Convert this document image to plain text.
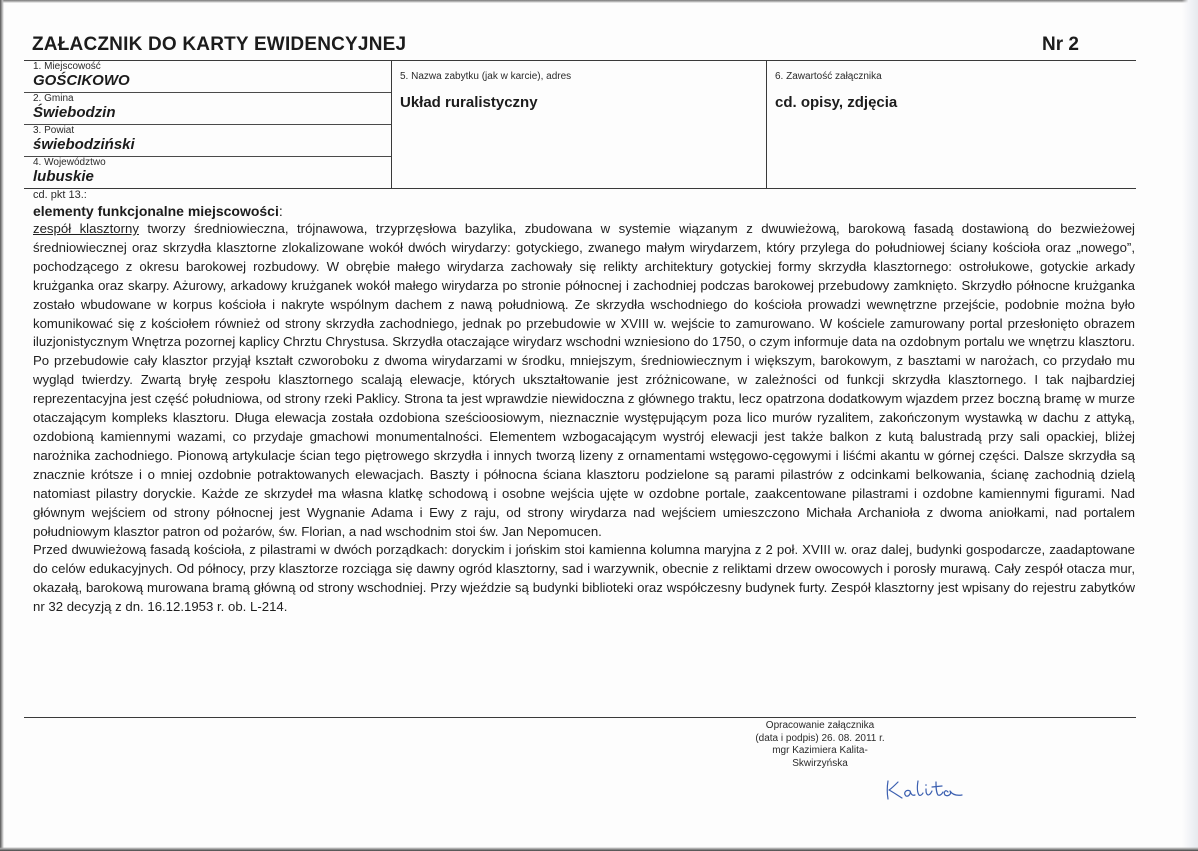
ZAŁACZNIK DO KARTY EWIDENCYJNEJ	Nr 2
1. Miejscowość
GOŚCIKOWO
2. Gmina
Świebodzin
3. Powiat
świebodziński
4. Województwo
lubuskie
5. Nazwa zabytku (jak w karcie), adres
Układ ruralistyczny
6. Zawartość załącznika
cd. opisy, zdjęcia
cd. pkt 13.:
elementy funkcjonalne miejscowości:

zespół klasztorny tworzy średniowieczna, trójnawowa, trzyprzęsłowa bazylika, zbudowana w systemie wiązanym z dwuwieżową, barokową fasadą dostawioną do bezwieżowej średniowiecznej oraz skrzydła klasztorne zlokalizowane wokół dwóch wirydarzy: gotyckiego, zwanego małym wirydarzem, który przylega do południowej ściany kościoła oraz „nowego”, pochodzącego z okresu barokowej rozbudowy. W obrębie małego wirydarza zachowały się relikty architektury gotyckiej formy skrzydła klasztornego: ostrołukowe, gotyckie arkady krużganka oraz skarpy. Ażurowy, arkadowy krużganek wokół małego wirydarza po stronie północnej i zachodniej podczas barokowej przebudowy zamknięto. Skrzydło północne krużganka zostało wbudowane w korpus kościoła i nakryte wspólnym dachem z nawą południową. Ze skrzydła wschodniego do kościoła prowadzi wewnętrzne przejście, podobnie można było komunikować się z kościołem również od strony skrzydła zachodniego, jednak po przebudowie w XVIII w. wejście to zamurowano. W kościele zamurowany portal przesłonięto obrazem iluzjonistycznym Wnętrza pozornej kaplicy Chrztu Chrystusa. Skrzydła otaczające wirydarz wschodni wzniesiono do 1750, o czym informuje data na ozdobnym portalu we wnętrzu klasztoru. Po przebudowie cały klasztor przyjął kształt czworoboku z dwoma wirydarzami w środku, mniejszym, średniowiecznym i większym, barokowym, z basztami w narożach, co przydało mu wygląd twierdzy. Zwartą bryłę zespołu klasztornego scalają elewacje, których ukształtowanie jest zróżnicowane, w zależności od funkcji skrzydła klasztornego. I tak najbardziej reprezentacyjna jest część południowa, od strony rzeki Paklicy. Strona ta jest wprawdzie niewidoczna z głównego traktu, lecz opatrzona dodatkowym wjazdem przez boczną bramę w murze otaczającym kompleks klasztoru. Długa elewacja została ozdobiona sześcioosiowym, nieznacznie występującym poza lico murów ryzalitem, zakończonym wystawką w dachu z attyką, ozdobioną kamiennymi wazami, co przydaje gmachowi monumentalności. Elementem wzbogacającym wystrój elewacji jest także balkon z kutą balustradą przy sali opackiej, bliżej narożnika zachodniego. Pionową artykulacje ścian tego piętrowego skrzydła i innych tworzą lizeny z ornamentami wstęgowo-cęgowymi i liśćmi akantu w górnej części. Dalsze skrzydła są znacznie krótsze i o mniej ozdobnie potraktowanych elewacjach. Baszty i północna ściana klasztoru podzielone są parami pilastrów z odcinkami belkowania, ścianę zachodnią dzielą natomiast pilastry doryckie. Każde ze skrzydeł ma własna klatkę schodową i osobne wejścia ujęte w ozdobne portale, zaakcentowane pilastrami i ozdobne kamiennymi figurami. Nad głównym wejściem od strony północnej jest Wygnanie Adama i Ewy z raju, od strony wirydarza nad wejściem umieszczono Michała Archanioła z dwoma aniołkami, nad portalem południowym klasztor patron od pożarów, św. Florian, a nad wschodnim stoi św. Jan Nepomucen.

Przed dwuwieżową fasadą kościoła, z pilastrami w dwóch porządkach: doryckim i jońskim stoi kamienna kolumna maryjna z 2 poł. XVIII w. oraz dalej, budynki gospodarcze, zaadaptowane do celów edukacyjnych. Od północy, przy klasztorze rozciąga się dawny ogród klasztorny, sad i warzywnik, obecnie z reliktami drzew owocowych i porosły murawą. Cały zespół otacza mur, okazałą, barokową murowana bramą główną od strony wschodniej. Przy wjeździe są budynki biblioteki oraz współczesny budynek furty. Zespół klasztorny jest wpisany do rejestru zabytków nr 32 decyzją z dn. 16.12.1953 r. ob. L-214.

Opracowanie załącznika
(data i podpis) 26. 08. 2011 r.
mgr Kazimiera Kalita-
Skwirzyńska
